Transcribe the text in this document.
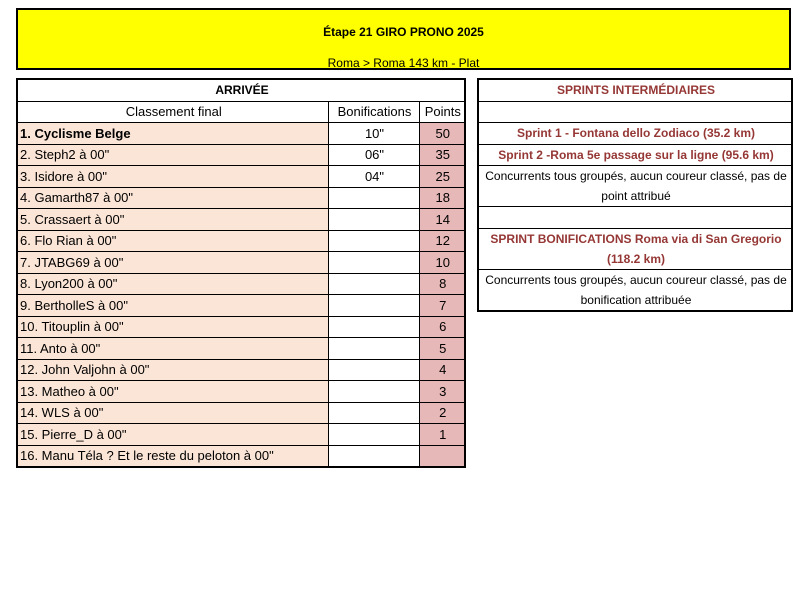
Étape 21 GIRO PRONO 2025
Roma > Roma 143 km - Plat
ARRIVÉE		
Classement final	Bonifications	Points
1. Cyclisme Belge	10"	50
2. Steph2 à 00"	06"	35
3. Isidore à 00"	04"	25
4. Gamarth87 à 00"		18
5. Crassaert à 00"		14
6. Flo Rian à 00"		12
7. JTABG69 à 00"		10
8. Lyon200 à 00"		8
9. BertholleS à 00"		7
10. Titouplin à 00"		6
11. Anto à 00"		5
12. John Valjohn à 00"		4
13. Matheo à 00"		3
14. WLS à 00"		2
15. Pierre_D à 00"		1
16. Manu Téla ? Et le reste du peloton à 00"		
SPRINTS INTERMÉDIAIRES

Sprint 1 - Fontana dello Zodiaco (35.2 km)
Sprint 2 -Roma 5e passage sur la ligne (95.6 km)
Concurrents tous groupés, aucun coureur classé, pas de point attribué

SPRINT BONIFICATIONS Roma via di San Gregorio (118.2 km)
Concurrents tous groupés, aucun coureur classé, pas de bonification attribuée
